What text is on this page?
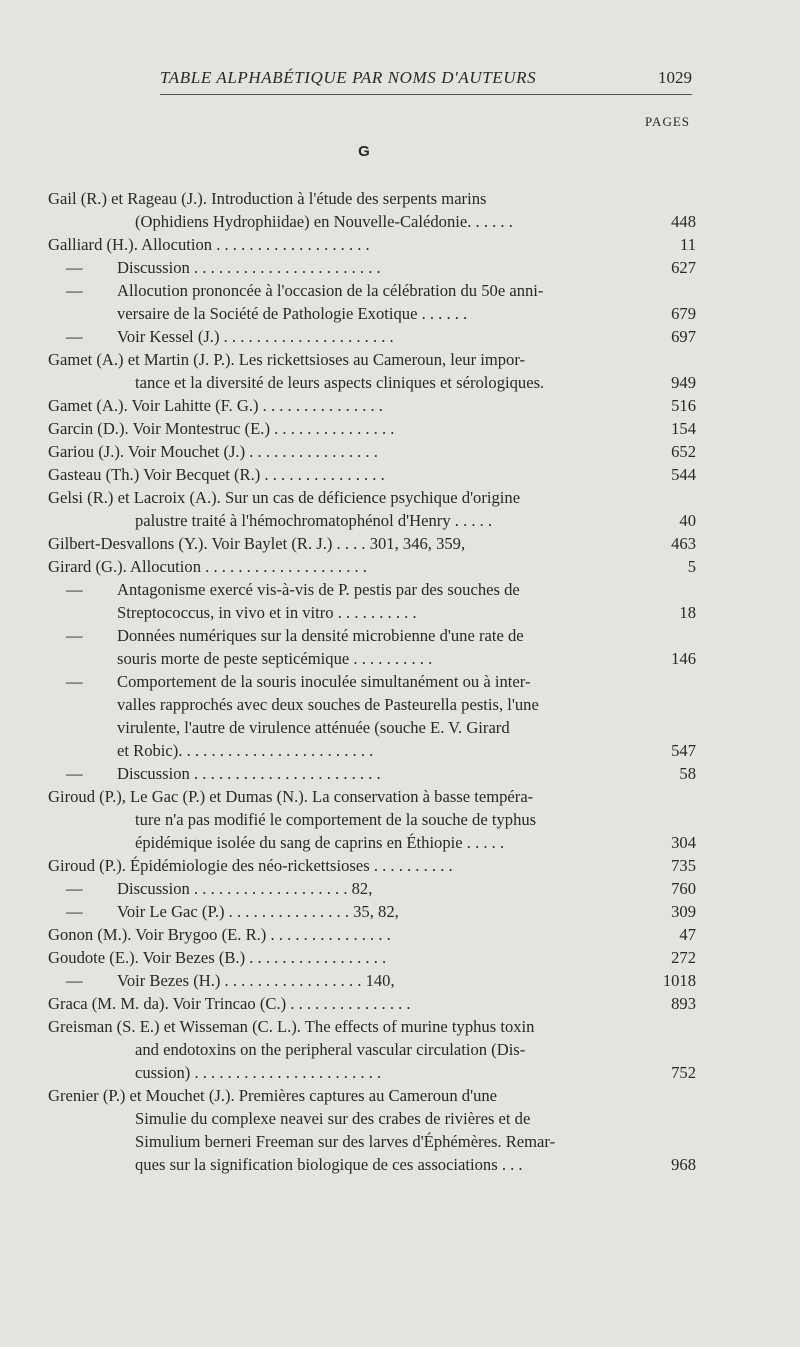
TABLE ALPHABÉTIQUE PAR NOMS D'AUTEURS	1029
PAGES
G
Gail (R.) et Rageau (J.). Introduction à l'étude des serpents marins
(Ophidiens Hydrophiidae) en Nouvelle-Calédonie. . . . . .	448
Galliard (H.). Allocution . . . . . . . . . . . . . . . . . . .	11
— Discussion . . . . . . . . . . . . . . . . . . . . . . .	627
— Allocution prononcée à l'occasion de la célébration du 50e anni-
versaire de la Société de Pathologie Exotique . . . . . .	679
— Voir Kessel (J.) . . . . . . . . . . . . . . . . . . . . .	697
Gamet (A.) et Martin (J. P.). Les rickettsioses au Cameroun, leur impor-
tance et la diversité de leurs aspects cliniques et sérologiques.	949
Gamet (A.). Voir Lahitte (F. G.) . . . . . . . . . . . . . . .	516
Garcin (D.). Voir Montestruc (E.) . . . . . . . . . . . . . . .	154
Gariou (J.). Voir Mouchet (J.) . . . . . . . . . . . . . . . .	652
Gasteau (Th.) Voir Becquet (R.) . . . . . . . . . . . . . . .	544
Gelsi (R.) et Lacroix (A.). Sur un cas de déficience psychique d'origine
palustre traité à l'hémochromatophénol d'Henry . . . . .	40
Gilbert-Desvallons (Y.). Voir Baylet (R. J.) . . . . 301, 346, 359,	463
Girard (G.). Allocution . . . . . . . . . . . . . . . . . . . .	5
— Antagonisme exercé vis-à-vis de P. pestis par des souches de
Streptococcus, in vivo et in vitro . . . . . . . . . .	18
— Données numériques sur la densité microbienne d'une rate de
souris morte de peste septicémique . . . . . . . . . .	146
— Comportement de la souris inoculée simultanément ou à inter-
valles rapprochés avec deux souches de Pasteurella pestis, l'une
virulente, l'autre de virulence atténuée (souche E. V. Girard
et Robic). . . . . . . . . . . . . . . . . . . . . . . .	547
— Discussion . . . . . . . . . . . . . . . . . . . . . . .	58
Giroud (P.), Le Gac (P.) et Dumas (N.). La conservation à basse tempéra-
ture n'a pas modifié le comportement de la souche de typhus
épidémique isolée du sang de caprins en Éthiopie . . . . .	304
Giroud (P.). Épidémiologie des néo-rickettsioses . . . . . . . . . .	735
— Discussion . . . . . . . . . . . . . . . . . . . 82,	760
— Voir Le Gac (P.) . . . . . . . . . . . . . . . 35, 82,	309
Gonon (M.). Voir Brygoo (E. R.) . . . . . . . . . . . . . . .	47
Goudote (E.). Voir Bezes (B.) . . . . . . . . . . . . . . . . .	272
— Voir Bezes (H.) . . . . . . . . . . . . . . . . . 140,	1018
Graca (M. M. da). Voir Trincao (C.) . . . . . . . . . . . . . . .	893
Greisman (S. E.) et Wisseman (C. L.). The effects of murine typhus toxin
and endotoxins on the peripheral vascular circulation (Dis-
cussion) . . . . . . . . . . . . . . . . . . . . . . .	752
Grenier (P.) et Mouchet (J.). Premières captures au Cameroun d'une
Simulie du complexe neavei sur des crabes de rivières et de
Simulium berneri Freeman sur des larves d'Éphémères. Remar-
ques sur la signification biologique de ces associations . . .	968
